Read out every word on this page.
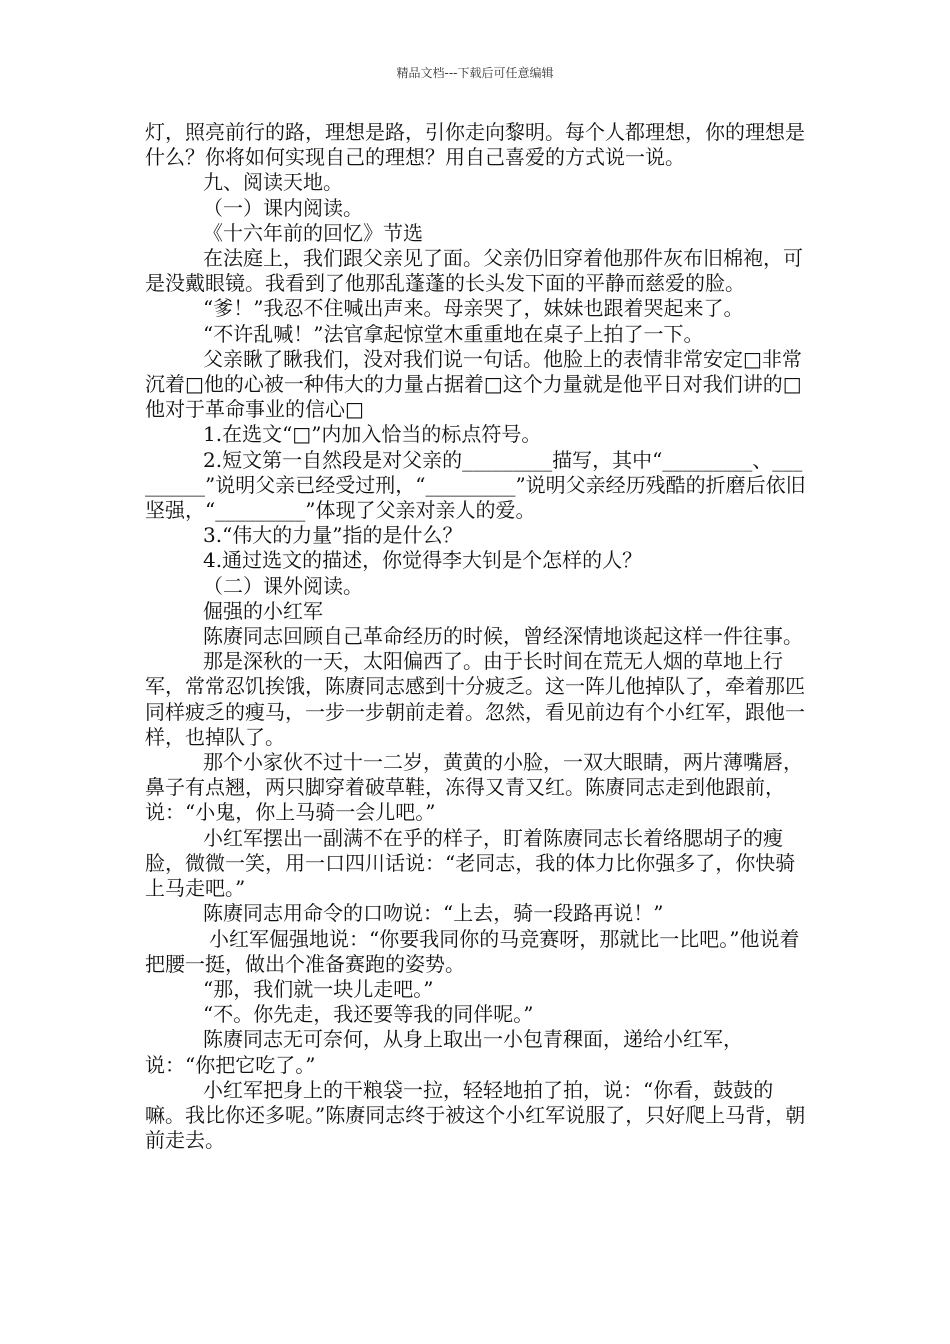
精品文档---下载后可任意编辑

灯，照亮前行的路，理想是路，引你走向黎明。每个人都理想，你的理想是什么？你将如何实现自己的理想？用自己喜爱的方式说一说。

九、阅读天地。

（一）课内阅读。

《十六年前的回忆》节选

在法庭上，我们跟父亲见了面。父亲仍旧穿着他那件灰布旧棉袍，可是没戴眼镜。我看到了他那乱蓬蓬的长头发下面的平静而慈爱的脸。

“爹！”我忍不住喊出声来。母亲哭了，妹妹也跟着哭起来了。

“不许乱喊！”法官拿起惊堂木重重地在桌子上拍了一下。

父亲瞅了瞅我们，没对我们说一句话。他脸上的表情非常安定□非常沉着□他的心被一种伟大的力量占据着□这个力量就是他平日对我们讲的□他对于革命事业的信心□

1.在选文“□”内加入恰当的标点符号。

2.短文第一自然段是对父亲的_________描写，其中“_________、_________”说明父亲已经受过刑，“_________”说明父亲经历残酷的折磨后依旧坚强，“_________”体现了父亲对亲人的爱。

3.“伟大的力量”指的是什么？

4.通过选文的描述，你觉得李大钊是个怎样的人？

（二）课外阅读。

倔强的小红军

陈赓同志回顾自己革命经历的时候，曾经深情地谈起这样一件往事。

那是深秋的一天，太阳偏西了。由于长时间在荒无人烟的草地上行军，常常忍饥挨饿，陈赓同志感到十分疲乏。这一阵儿他掉队了，牵着那匹同样疲乏的瘦马，一步一步朝前走着。忽然，看见前边有个小红军，跟他一样，也掉队了。

那个小家伙不过十一二岁，黄黄的小脸，一双大眼睛，两片薄嘴唇，鼻子有点翘，两只脚穿着破草鞋，冻得又青又红。陈赓同志走到他跟前，说：“小鬼，你上马骑一会儿吧。”

小红军摆出一副满不在乎的样子，盯着陈赓同志长着络腮胡子的瘦脸，微微一笑，用一口四川话说：“老同志，我的体力比你强多了，你快骑上马走吧。”

陈赓同志用命令的口吻说：“上去，骑一段路再说！”

小红军倔强地说：“你要我同你的马竞赛呀，那就比一比吧。”他说着把腰一挺，做出个准备赛跑的姿势。

“那，我们就一块儿走吧。”

“不。你先走，我还要等我的同伴呢。”

陈赓同志无可奈何，从身上取出一小包青稞面，递给小红军，说：“你把它吃了。”

小红军把身上的干粮袋一拉，轻轻地拍了拍，说：“你看，鼓鼓的嘛。我比你还多呢。”陈赓同志终于被这个小红军说服了，只好爬上马背，朝前走去。
